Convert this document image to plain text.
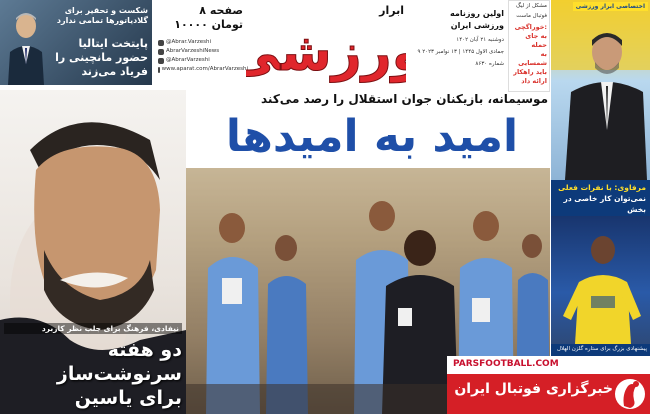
شکست و تحقیر برای
گلادیاتورها تمامی ندارد
پایتخت ایتالیا
حضور مانچینی را
فریاد می‌زند
۸ صفحه
۱۰۰۰۰ تومان
@Abrar.Varzeshi
AbrarVarzeshiNews
@AbrarVarzeshi
www.aparat.com/AbrarVarzeshi
ابرار
رزشی
اولین روزنامه
ورزشی ایران
دوشنبه ۲۱ آبان ۱۴۰۲
۹ جمادی الاول ۱۴۴۵ | ۱۳ نوامبر ۲۰۲۳
شماره ۸۶۳۰
مشکل از لیگ
فوتبال ماست
خوراگچی:
به جای حمله
به شمسایی
باید راهکار
ارائه داد
اختصاصی ابرار ورزشی
مرفاوی: با نفرات فعلی
نمی‌توان کار خاصی در بخش
پیشنهادی بزرگ برای ستاره گلزن الهلال
نیفادی، فرهنگ برای جلب نظر کاربرد
دو هفته سرنوشت‌ساز
برای یاسین
موسیمانه، بازیکنان جوان استقلال را رصد می‌کند
امید به امیدها
PARSFOOTBALL.COM
خبرگزاری فوتبال ایران
